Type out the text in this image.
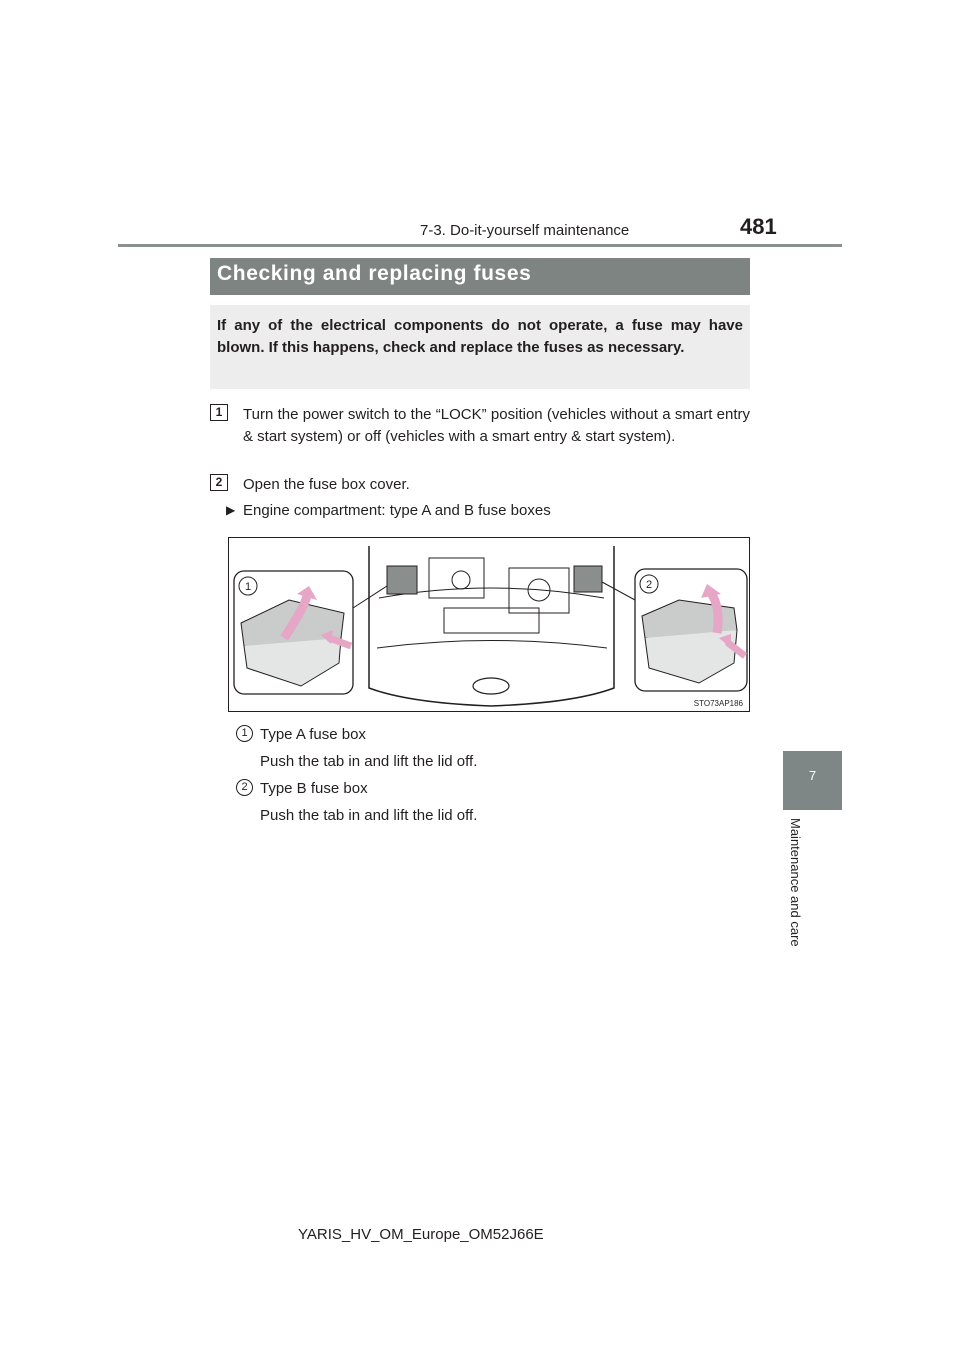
7-3. Do-it-yourself maintenance	481
7
Maintenance and care
Checking and replacing fuses
If any of the electrical components do not operate, a fuse may have blown. If this happens, check and replace the fuses as necessary.
1	Turn the power switch to the “LOCK” position (vehicles without a smart entry & start system) or off (vehicles with a smart entry & start system).
2	Open the fuse box cover.
▶ Engine compartment: type A and B fuse boxes
1	2
STO73AP186
1 Type A fuse box
Push the tab in and lift the lid off.
2 Type B fuse box
Push the tab in and lift the lid off.
YARIS_HV_OM_Europe_OM52J66E
